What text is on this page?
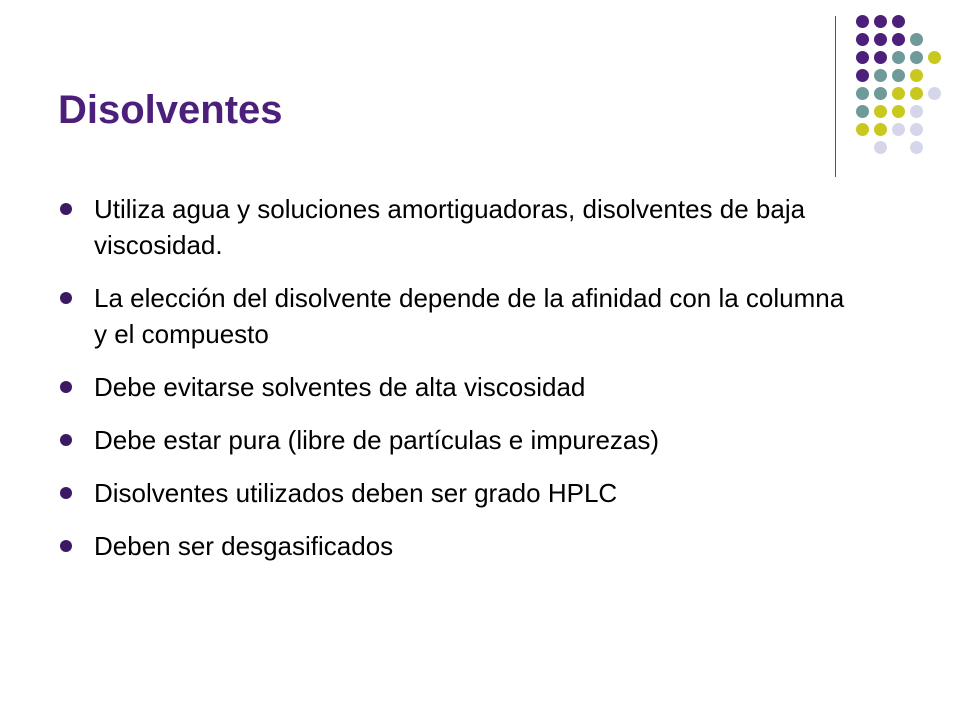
Disolventes
Utiliza agua y soluciones amortiguadoras, disolventes de baja viscosidad.
La elección del disolvente depende de la afinidad con la columna y el compuesto
Debe evitarse solventes de alta viscosidad
Debe estar pura (libre de partículas e impurezas)
Disolventes utilizados deben ser grado HPLC
Deben ser desgasificados
